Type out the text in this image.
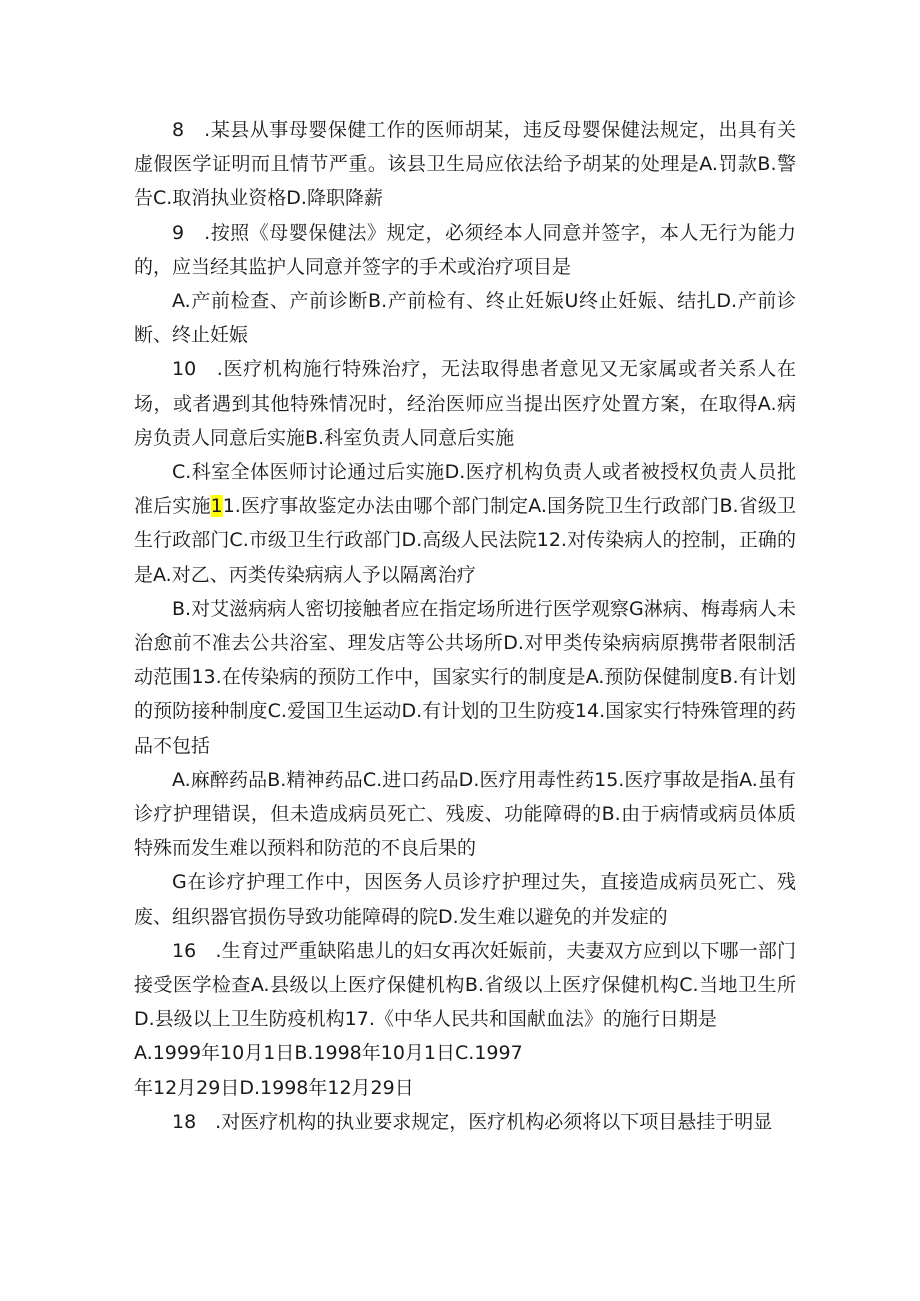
8　.某县从事母婴保健工作的医师胡某，违反母婴保健法规定，出具有关虚假医学证明而且情节严重。该县卫生局应依法给予胡某的处理是A.罚款B.警告C.取消执业资格D.降职降薪

9　.按照《母婴保健法》规定，必须经本人同意并签字，本人无行为能力的，应当经其监护人同意并签字的手术或治疗项目是

A.产前检查、产前诊断B.产前检有、终止妊娠U终止妊娠、结扎D.产前诊断、终止妊娠

10　.医疗机构施行特殊治疗，无法取得患者意见又无家属或者关系人在场，或者遇到其他特殊情况时，经治医师应当提出医疗处置方案，在取得A.病房负责人同意后实施B.科室负责人同意后实施

C.科室全体医师讨论通过后实施D.医疗机构负责人或者被授权负责人员批准后实施11.医疗事故鉴定办法由哪个部门制定A.国务院卫生行政部门B.省级卫生行政部门C.市级卫生行政部门D.高级人民法院12.对传染病人的控制，正确的是A.对乙、丙类传染病病人予以隔离治疗

B.对艾滋病病人密切接触者应在指定场所进行医学观察G淋病、梅毒病人未治愈前不准去公共浴室、理发店等公共场所D.对甲类传染病病原携带者限制活动范围13.在传染病的预防工作中，国家实行的制度是A.预防保健制度B.有计划的预防接种制度C.爱国卫生运动D.有计划的卫生防疫14.国家实行特殊管理的药品不包括

A.麻醉药品B.精神药品C.进口药品D.医疗用毒性药15.医疗事故是指A.虽有诊疗护理错误，但未造成病员死亡、残废、功能障碍的B.由于病情或病员体质特殊而发生难以预料和防范的不良后果的

G在诊疗护理工作中，因医务人员诊疗护理过失，直接造成病员死亡、残废、组织器官损伤导致功能障碍的院D.发生难以避免的并发症的

16　.生育过严重缺陷患儿的妇女再次妊娠前，夫妻双方应到以下哪一部门接受医学检查A.县级以上医疗保健机构B.省级以上医疗保健机构C.当地卫生所D.县级以上卫生防疫机构17.《中华人民共和国献血法》的施行日期是

A.1999年10月1日B.1998年10月1日C.1997

年12月29日D.1998年12月29日

18　.对医疗机构的执业要求规定，医疗机构必须将以下项目悬挂于明显
